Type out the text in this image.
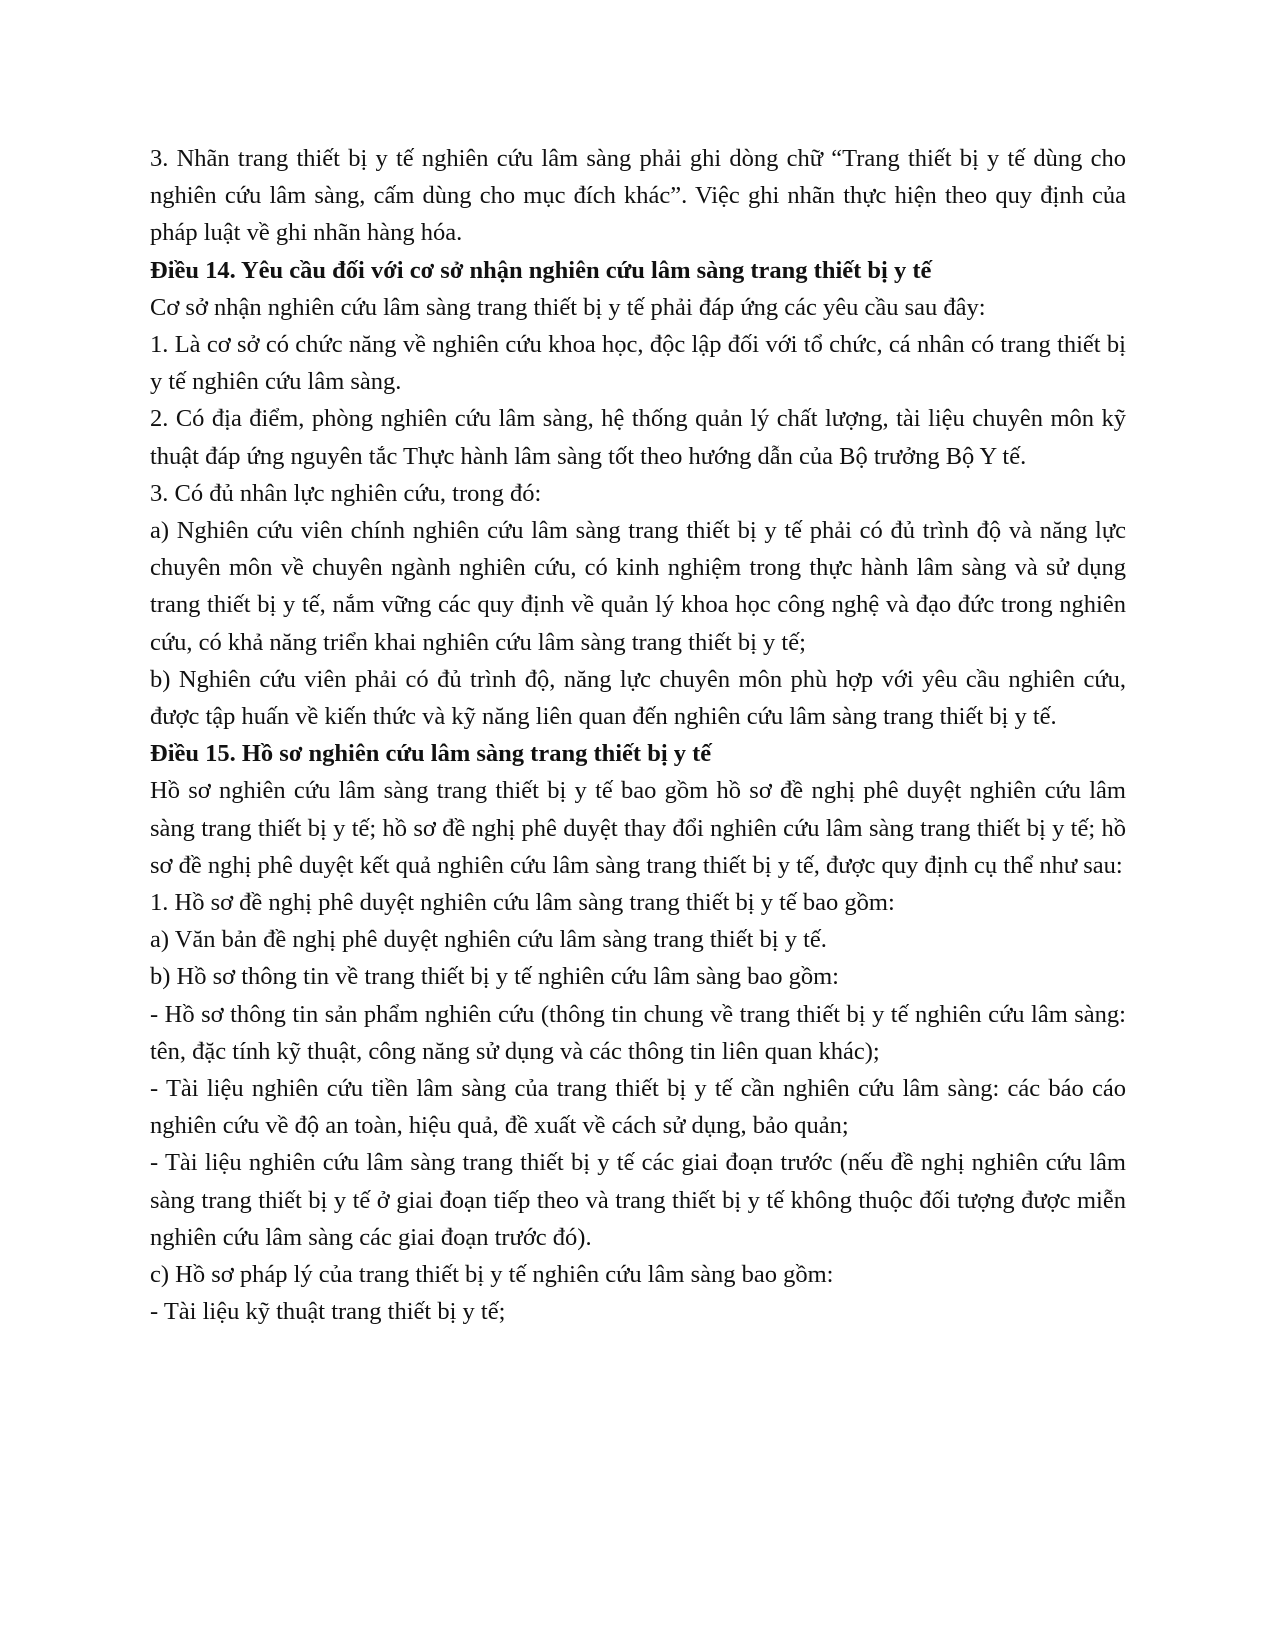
3. Nhãn trang thiết bị y tế nghiên cứu lâm sàng phải ghi dòng chữ “Trang thiết bị y tế dùng cho nghiên cứu lâm sàng, cấm dùng cho mục đích khác”. Việc ghi nhãn thực hiện theo quy định của pháp luật về ghi nhãn hàng hóa.

Điều 14. Yêu cầu đối với cơ sở nhận nghiên cứu lâm sàng trang thiết bị y tế

Cơ sở nhận nghiên cứu lâm sàng trang thiết bị y tế phải đáp ứng các yêu cầu sau đây:

1. Là cơ sở có chức năng về nghiên cứu khoa học, độc lập đối với tổ chức, cá nhân có trang thiết bị y tế nghiên cứu lâm sàng.

2. Có địa điểm, phòng nghiên cứu lâm sàng, hệ thống quản lý chất lượng, tài liệu chuyên môn kỹ thuật đáp ứng nguyên tắc Thực hành lâm sàng tốt theo hướng dẫn của Bộ trưởng Bộ Y tế.

3. Có đủ nhân lực nghiên cứu, trong đó:

a) Nghiên cứu viên chính nghiên cứu lâm sàng trang thiết bị y tế phải có đủ trình độ và năng lực chuyên môn về chuyên ngành nghiên cứu, có kinh nghiệm trong thực hành lâm sàng và sử dụng trang thiết bị y tế, nắm vững các quy định về quản lý khoa học công nghệ và đạo đức trong nghiên cứu, có khả năng triển khai nghiên cứu lâm sàng trang thiết bị y tế;

b) Nghiên cứu viên phải có đủ trình độ, năng lực chuyên môn phù hợp với yêu cầu nghiên cứu, được tập huấn về kiến thức và kỹ năng liên quan đến nghiên cứu lâm sàng trang thiết bị y tế.

Điều 15. Hồ sơ nghiên cứu lâm sàng trang thiết bị y tế

Hồ sơ nghiên cứu lâm sàng trang thiết bị y tế bao gồm hồ sơ đề nghị phê duyệt nghiên cứu lâm sàng trang thiết bị y tế; hồ sơ đề nghị phê duyệt thay đổi nghiên cứu lâm sàng trang thiết bị y tế; hồ sơ đề nghị phê duyệt kết quả nghiên cứu lâm sàng trang thiết bị y tế, được quy định cụ thể như sau:

1. Hồ sơ đề nghị phê duyệt nghiên cứu lâm sàng trang thiết bị y tế bao gồm:

a) Văn bản đề nghị phê duyệt nghiên cứu lâm sàng trang thiết bị y tế.

b) Hồ sơ thông tin về trang thiết bị y tế nghiên cứu lâm sàng bao gồm:

- Hồ sơ thông tin sản phẩm nghiên cứu (thông tin chung về trang thiết bị y tế nghiên cứu lâm sàng: tên, đặc tính kỹ thuật, công năng sử dụng và các thông tin liên quan khác);

- Tài liệu nghiên cứu tiền lâm sàng của trang thiết bị y tế cần nghiên cứu lâm sàng: các báo cáo nghiên cứu về độ an toàn, hiệu quả, đề xuất về cách sử dụng, bảo quản;

- Tài liệu nghiên cứu lâm sàng trang thiết bị y tế các giai đoạn trước (nếu đề nghị nghiên cứu lâm sàng trang thiết bị y tế ở giai đoạn tiếp theo và trang thiết bị y tế không thuộc đối tượng được miễn nghiên cứu lâm sàng các giai đoạn trước đó).

c) Hồ sơ pháp lý của trang thiết bị y tế nghiên cứu lâm sàng bao gồm:

- Tài liệu kỹ thuật trang thiết bị y tế;
